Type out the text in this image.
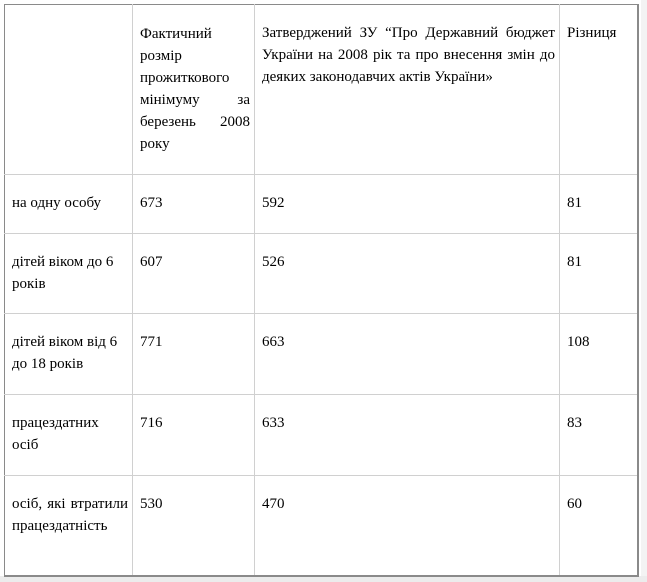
	Фактичний розмір прожиткового мінімуму за березень 2008 року	Затверджений ЗУ “Про Державний бюджет України на 2008 рік та про внесення змін до деяких законодавчих актів України»	Різниця
на одну особу	673	592	81
дітей віком до 6 років	607	526	81
дітей віком від 6 до 18 років	771	663	108
працездатних осіб	716	633	83
осіб, які втратили працездатність	530	470	60
